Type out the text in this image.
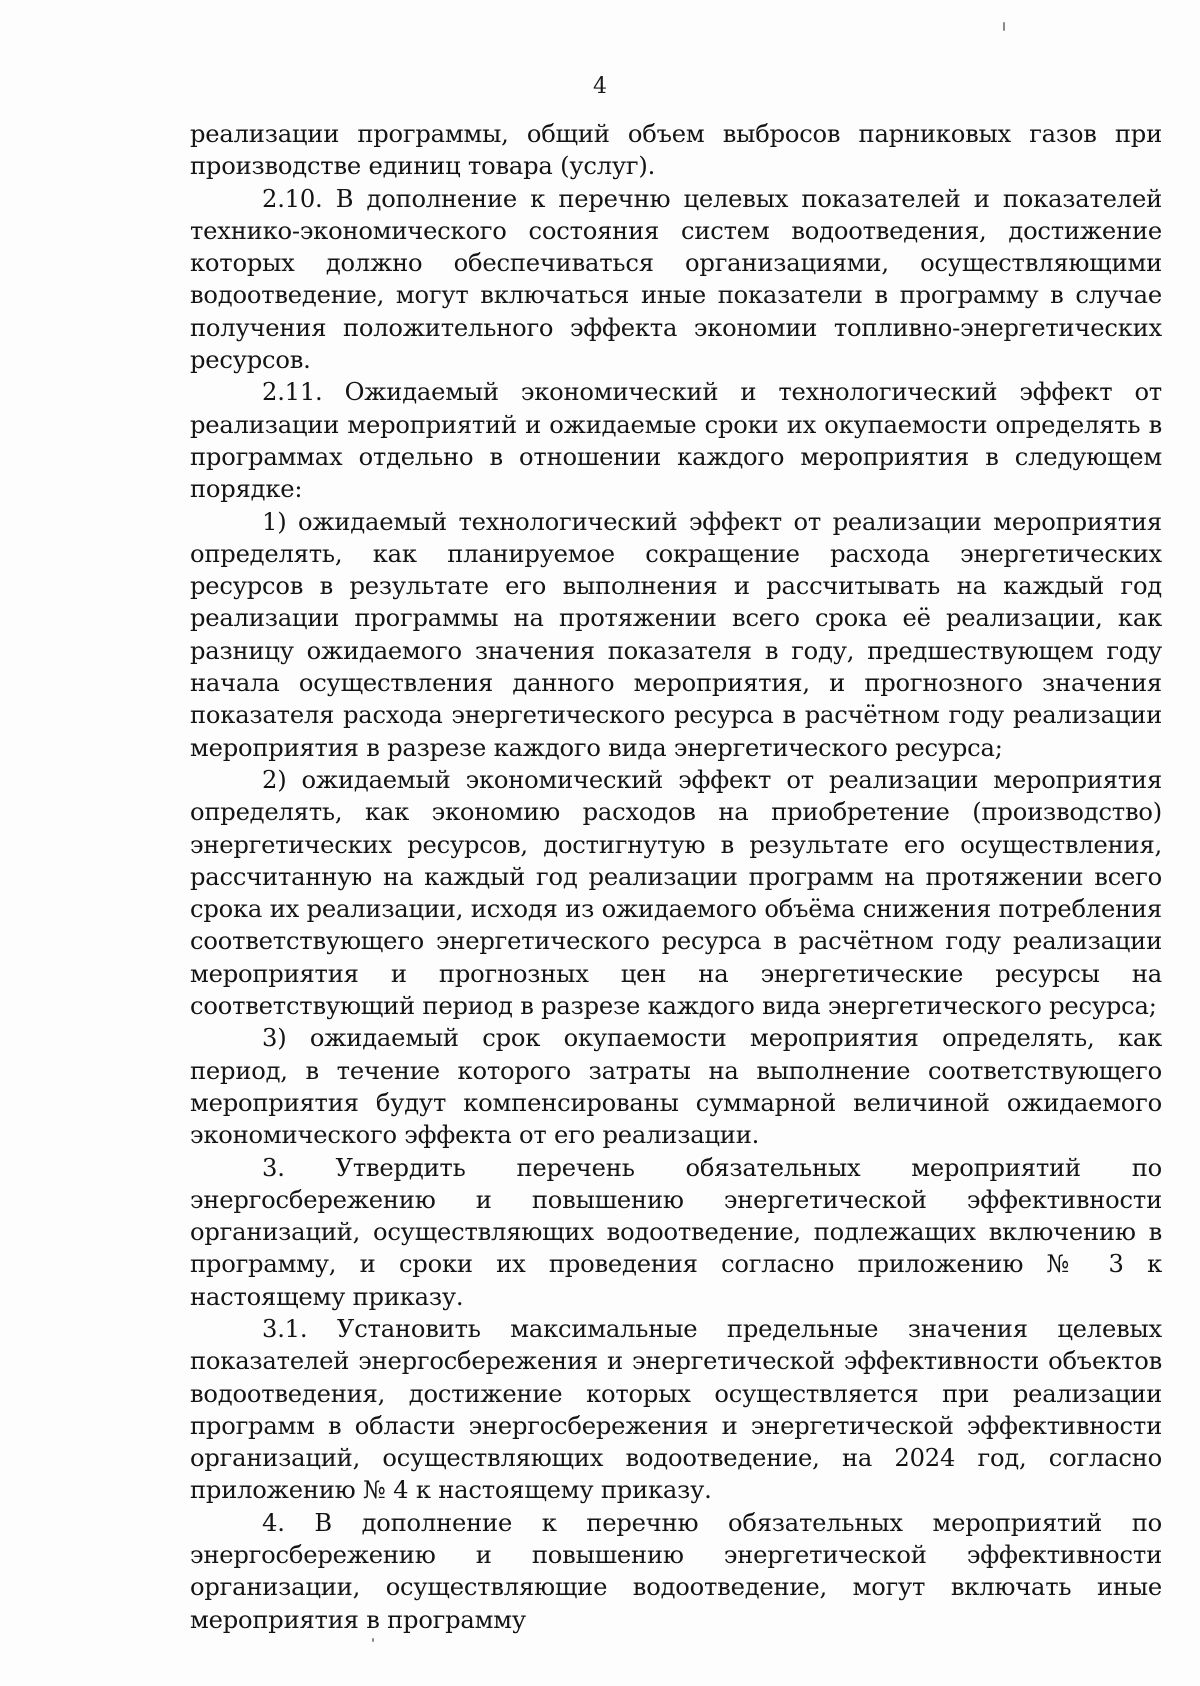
4

реализации программы, общий объем выбросов парниковых газов при производстве единиц товара (услуг).

2.10. В дополнение к перечню целевых показателей и показателей технико-экономического состояния систем водоотведения, достижение которых должно обеспечиваться организациями, осуществляющими водоотведение, могут включаться иные показатели в программу в случае получения положительного эффекта экономии топливно-энергетических ресурсов.

2.11. Ожидаемый экономический и технологический эффект от реализации мероприятий и ожидаемые сроки их окупаемости определять в программах отдельно в отношении каждого мероприятия в следующем порядке:

1) ожидаемый технологический эффект от реализации мероприятия определять, как планируемое сокращение расхода энергетических ресурсов в результате его выполнения и рассчитывать на каждый год реализации программы на протяжении всего срока её реализации, как разницу ожидаемого значения показателя в году, предшествующем году начала осуществления данного мероприятия, и прогнозного значения показателя расхода энергетического ресурса в расчётном году реализации мероприятия в разрезе каждого вида энергетического ресурса;

2) ожидаемый экономический эффект от реализации мероприятия определять, как экономию расходов на приобретение (производство) энергетических ресурсов, достигнутую в результате его осуществления, рассчитанную на каждый год реализации программ на протяжении всего срока их реализации, исходя из ожидаемого объёма снижения потребления соответствующего энергетического ресурса в расчётном году реализации мероприятия и прогнозных цен на энергетические ресурсы на соответствующий период в разрезе каждого вида энергетического ресурса;

3) ожидаемый срок окупаемости мероприятия определять, как период, в течение которого затраты на выполнение соответствующего мероприятия будут компенсированы суммарной величиной ожидаемого экономического эффекта от его реализации.

3. Утвердить перечень обязательных мероприятий по энергосбережению и повышению энергетической эффективности организаций, осуществляющих водоотведение, подлежащих включению в программу, и сроки их проведения согласно приложению № 3 к настоящему приказу.

3.1. Установить максимальные предельные значения целевых показателей энергосбережения и энергетической эффективности объектов водоотведения, достижение которых осуществляется при реализации программ в области энергосбережения и энергетической эффективности организаций, осуществляющих водоотведение, на 2024 год, согласно приложению № 4 к настоящему приказу.

4. В дополнение к перечню обязательных мероприятий по энергосбережению и повышению энергетической эффективности организации, осуществляющие водоотведение, могут включать иные мероприятия в программу
